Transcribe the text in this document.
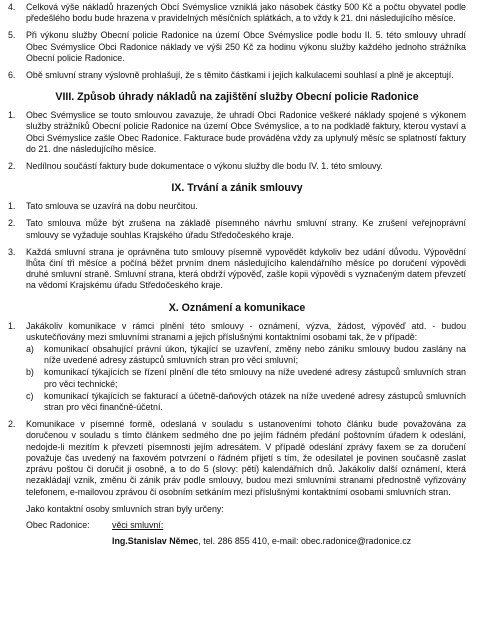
4.	Celková výše nákladů hrazených Obcí Svémyslice vzniklá jako násobek částky 500 Kč a počtu obyvatel podle předešlého bodu bude hrazena v pravidelných měsíčních splátkách, a to vždy k 21. dni následujícího měsíce.
5.	Při výkonu služby Obecní policie Radonice na území Obce Svémyslice podle bodu II. 5. této smlouvy uhradí Obec Svémyslice Obci Radonice náklady ve výši 250 Kč za hodinu výkonu služby každého jednoho strážníka Obecní policie Radonice.
6.	Obě smluvní strany výslovně prohlašují, že s těmito částkami i jejich kalkulacemi souhlasí a plně je akceptují.
VIII. Způsob úhrady nákladů na zajištění služby Obecní policie Radonice
1.	Obec Svémyslice se touto smlouvou zavazuje, že uhradí Obci Radonice veškeré náklady spojené s výkonem služby strážníků Obecní policie Radonice na území Obce Svémyslice, a to na podkladě faktury, kterou vystaví a Obci Svémyslice zašle Obec Radonice. Fakturace bude prováděna vždy za uplynulý měsíc se splatností faktury do 21. dne následujícího měsíce.
2.	Nedílnou součástí faktury bude dokumentace o výkonu služby dle bodu IV. 1. této smlouvy.
IX. Trvání a zánik smlouvy
1.	Tato smlouva se uzavírá na dobu neurčitou.
2.	Tato smlouva může být zrušena na základě písemného návrhu smluvní strany. Ke zrušení veřejnoprávní smlouvy se vyžaduje souhlas Krajského úřadu Středočeského kraje.
3.	Každá smluvní strana je oprávněna tuto smlouvy písemně vypovědět kdykoliv bez udání důvodu. Výpovědní lhůta činí tři měsíce a počíná běžet prvním dnem následujícího kalendářního měsíce po doručení výpovědi druhé smluvní straně. Smluvní strana, která obdrží výpověď, zašle kopii výpovědi s vyznačeným datem převzetí na vědomí Krajskému úřadu Středočeského kraje.
X. Oznámení a komunikace
1.	Jakákoliv komunikace v rámci plnění této smlouvy - oznámení, výzva, žádost, výpověď atd. - budou uskutečňovány mezi smluvními stranami a jejich příslušnými kontaktními osobami tak, že v případě:
a)	komunikací obsahující právní úkon, týkající se uzavření, změny nebo zániku smlouvy budou zaslány na níže uvedené adresy zástupců smluvních stran pro věci smluvní;
b)	komunikací týkajících se řízení plnění dle této smlouvy na níže uvedené adresy zástupců smluvních stran pro věci technické;
c)	komunikací týkajících se fakturací a účetně-daňových otázek na níže uvedené adresy zástupců smluvních stran pro věci finančně-účetní.
2.	Komunikace v písemné formě, odeslaná v souladu s ustanoveními tohoto článku bude považována za doručenou v souladu s tímto článkem sedmého dne po jejím řádném předání poštovním úřadem k odeslání, nedojde-li mezitím k převzetí písemnosti jejím adresátem. V případě odeslání zprávy faxem se za doručení považuje čas uvedený na faxovém potvrzení o řádném přijetí s tím, že odesilatel je povinen současně zaslat zprávu poštou či doručit ji osobně, a to do 5 (slovy: pěti) kalendářních dnů. Jakákoliv další oznámení, která nezakládají vznik, změnu či zánik práv podle smlouvy, budou mezi smluvními stranami přednostně vyřizovány telefonem, e-mailovou zprávou či osobním setkáním mezi příslušnými kontaktními osobami smluvních stran.
Jako kontaktní osoby smluvních stran byly určeny:
Obec Radonice:	věci smluvní:
Ing.Stanislav Němec, tel. 286 855 410, e-mail: obec.radonice@radonice.cz
